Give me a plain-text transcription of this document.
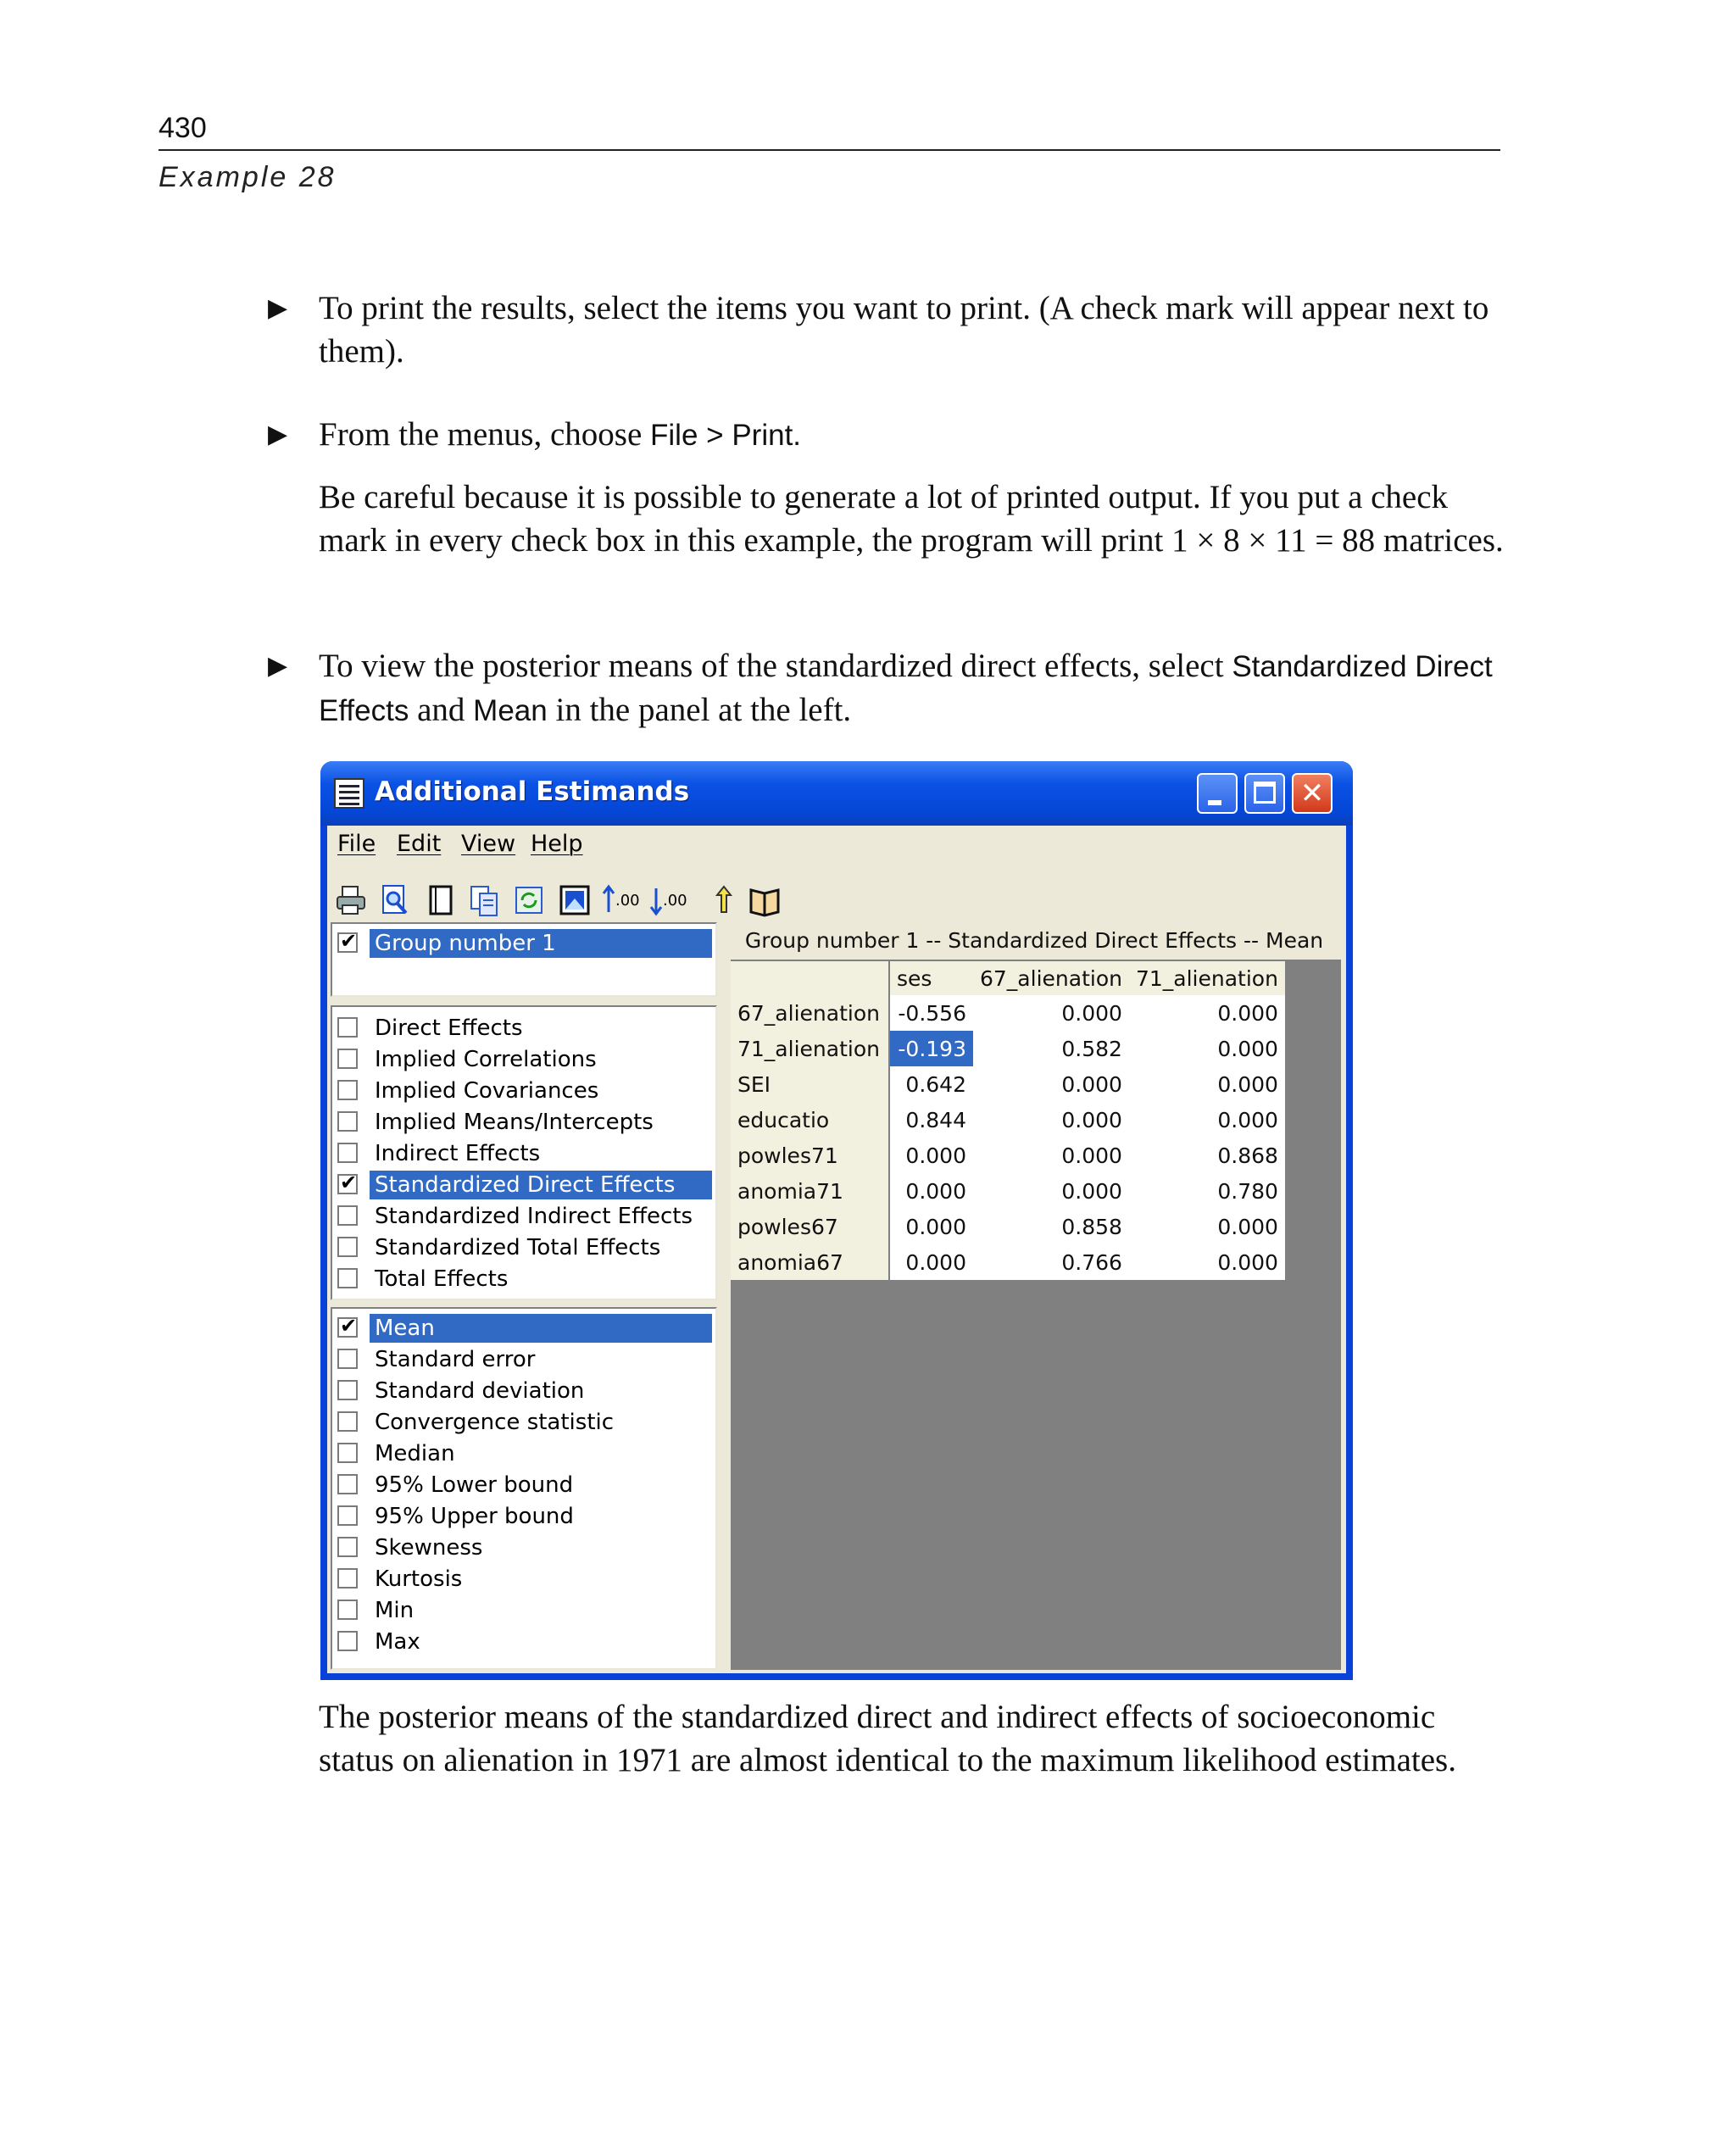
430
Example 28
▶ To print the results, select the items you want to print. (A check mark will appear next to them).
▶ From the menus, choose File > Print.
Be careful because it is possible to generate a lot of printed output. If you put a check mark in every check box in this example, the program will print 1 × 8 × 11 = 88 matrices.
▶ To view the posterior means of the standardized direct effects, select Standardized Direct Effects and Mean in the panel at the left.
Additional Estimands	✕
File Edit View Help
.00 .00
✔
Group number 1
Direct Effects
Implied Correlations
Implied Covariances
Implied Means/Intercepts
Indirect Effects
✔
Standardized Direct Effects
Standardized Indirect Effects
Standardized Total Effects
Total Effects
✔
Mean
Standard error
Standard deviation
Convergence statistic
Median
95% Lower bound
95% Upper bound
Skewness
Kurtosis
Min
Max
Group number 1 -- Standardized Direct Effects -- Mean
	ses	67_alienation	71_alienation
67_alienation	-0.556	0.000	0.000
71_alienation	-0.193	0.582	0.000
SEI	0.642	0.000	0.000
educatio	0.844	0.000	0.000
powles71	0.000	0.000	0.868
anomia71	0.000	0.000	0.780
powles67	0.000	0.858	0.000
anomia67	0.000	0.766	0.000
The posterior means of the standardized direct and indirect effects of socioeconomic status on alienation in 1971 are almost identical to the maximum likelihood estimates.
